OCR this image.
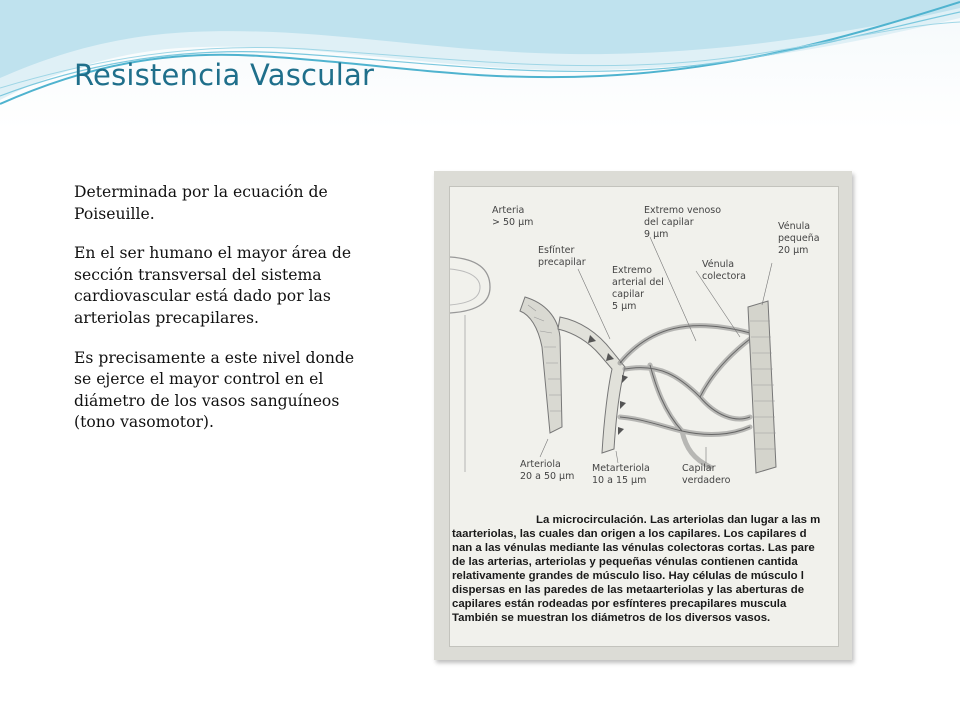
Resistencia Vascular

Determinada por la ecuación de Poiseuille.

En el ser humano el mayor área de sección transversal del sistema cardiovascular está dado por las arteriolas precapilares.

Es precisamente a este nivel donde se ejerce el mayor control en el diámetro de los vasos sanguíneos (tono vasomotor).

Arteria > 50 µm
Esfínter precapilar
Extremo venoso del capilar 9 µm
Vénula pequeña 20 µm
Extremo arterial del capilar 5 µm
Vénula colectora
Arteriola 20 a 50 µm
Metarteriola 10 a 15 µm
Capilar verdadero
La microcirculación. Las arteriolas dan lugar a las m taarteriolas, las cuales dan origen a los capilares. Los capilares d nan a las vénulas mediante las vénulas colectoras cortas. Las pare de las arterias, arteriolas y pequeñas vénulas contienen cantida relativamente grandes de músculo liso. Hay células de músculo l dispersas en las paredes de las metaarteriolas y las aberturas de capilares están rodeadas por esfínteres precapilares muscula También se muestran los diámetros de los diversos vasos.
